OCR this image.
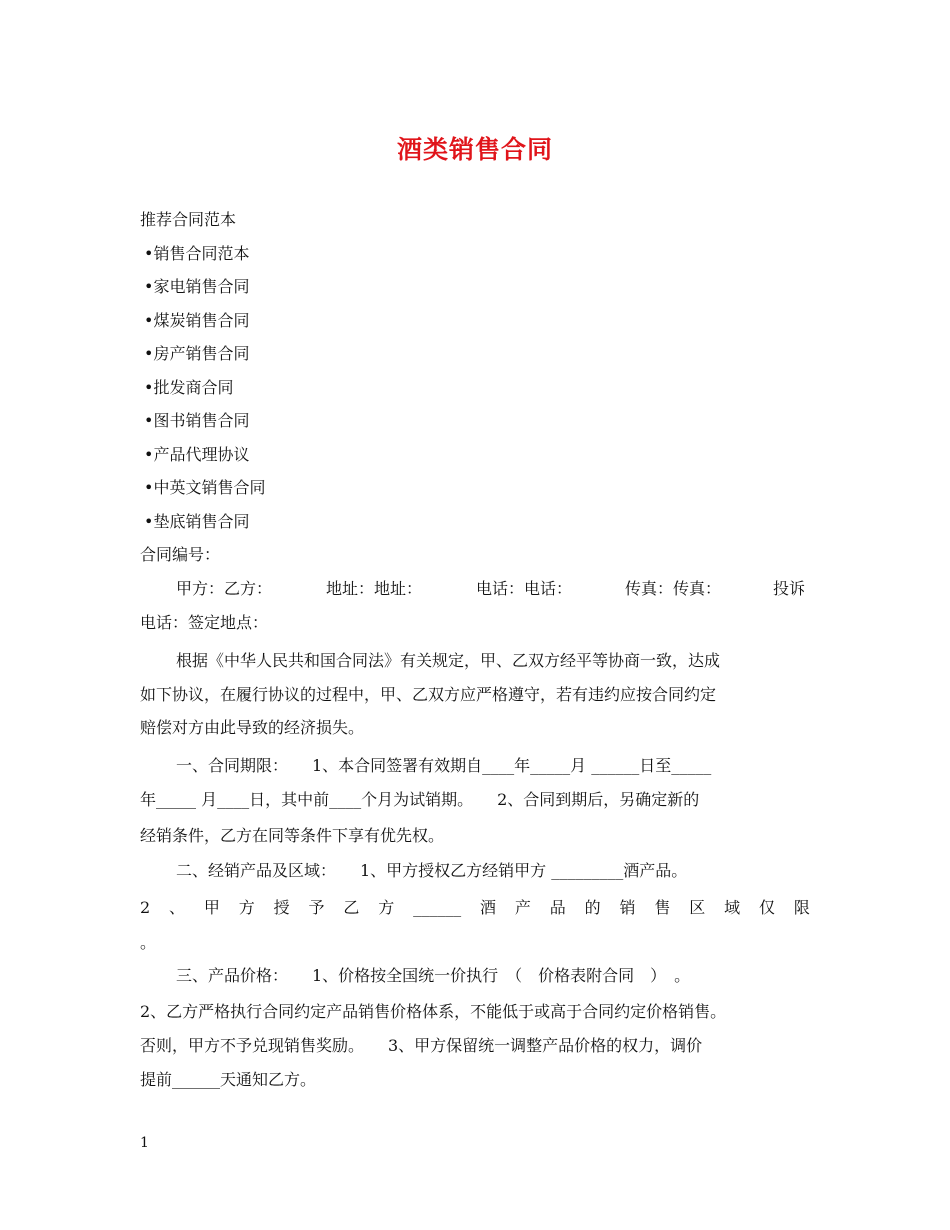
酒类销售合同
推荐合同范本
•销售合同范本
•家电销售合同
•煤炭销售合同
•房产销售合同
•批发商合同
•图书销售合同
•产品代理协议
•中英文销售合同
•垫底销售合同
合同编号：
甲方：乙方：	地址：地址：	电话：电话：	传真：传真：	投诉
电话：签定地点：
根据《中华人民共和国合同法》有关规定，甲、乙双方经平等协商一致，达成
如下协议，在履行协议的过程中，甲、乙双方应严格遵守，若有违约应按合同约定
赔偿对方由此导致的经济损失。
一、合同期限：　　1、本合同签署有效期自____年_____月 ______日至_____
年_____ 月____日，其中前____个月为试销期。　　2、合同到期后，另确定新的
经销条件，乙方在同等条件下享有优先权。
二、经销产品及区域：　　1、甲方授权乙方经销甲方 _________酒产品。
2 、 甲 方 授 予 乙 方 ______ 酒 产 品 的 销 售 区 域 仅 限
。
三、产品价格：　　1、价格按全国统一价执行　（　价格表附合同　）　。
2、乙方严格执行合同约定产品销售价格体系，不能低于或高于合同约定价格销售。
否则，甲方不予兑现销售奖励。　　3、甲方保留统一调整产品价格的权力，调价
提前______天通知乙方。
1
